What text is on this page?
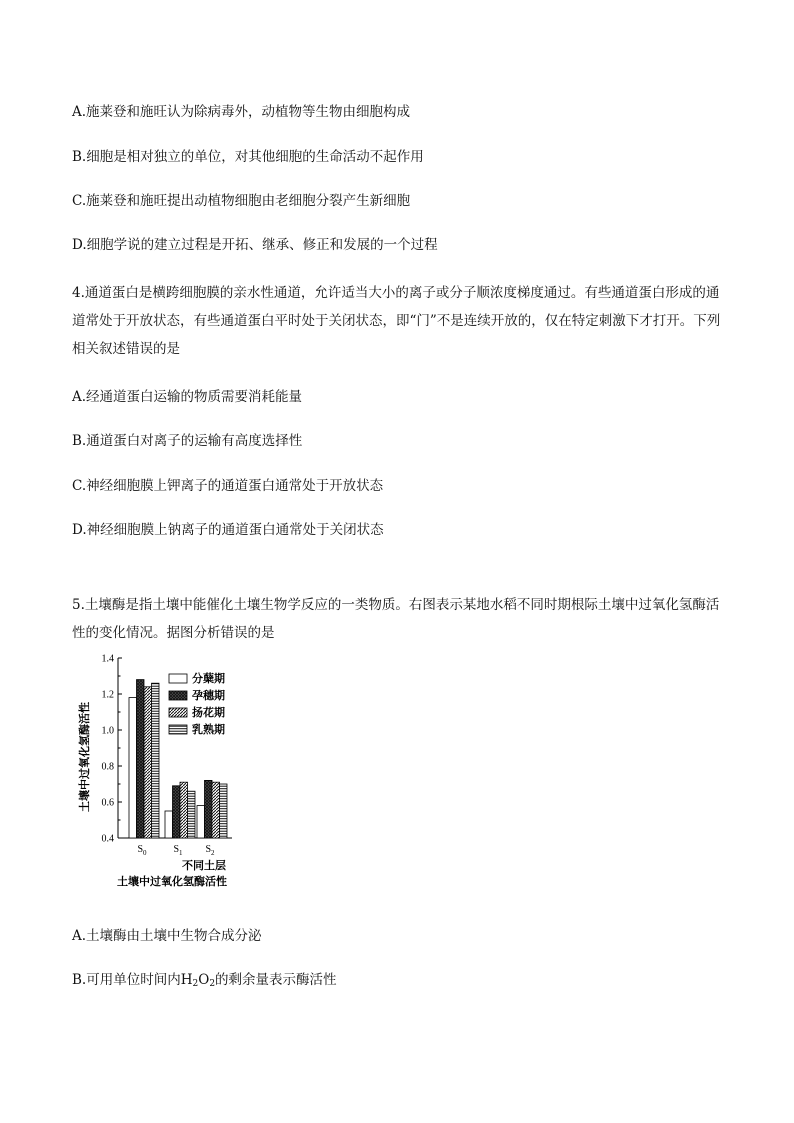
A.施莱登和施旺认为除病毒外，动植物等生物由细胞构成
B.细胞是相对独立的单位，对其他细胞的生命活动不起作用
C.施莱登和施旺提出动植物细胞由老细胞分裂产生新细胞
D.细胞学说的建立过程是开拓、继承、修正和发展的一个过程
4.通道蛋白是横跨细胞膜的亲水性通道，允许适当大小的离子或分子顺浓度梯度通过。有些通道蛋白形成的通道常处于开放状态，有些通道蛋白平时处于关闭状态，即“门”不是连续开放的，仅在特定刺激下才打开。下列相关叙述错误的是
A.经通道蛋白运输的物质需要消耗能量
B.通道蛋白对离子的运输有高度选择性
C.神经细胞膜上钾离子的通道蛋白通常处于开放状态
D.神经细胞膜上钠离子的通道蛋白通常处于关闭状态
5.土壤酶是指土壤中能催化土壤生物学反应的一类物质。右图表示某地水稻不同时期根际土壤中过氧化氢酶活性的变化情况。据图分析错误的是
0.4
0.6
0.8
1.0
1.2
1.4
$S_0$	$S_1$ $S_2$
分蘖期
孕穗期
扬花期
乳熟期
土壤中过氧化氢酶活性
不同土层
土壤中过氧化氢酶活性
A.土壤酶由土壤中生物合成分泌
B.可用单位时间内$H_2O_2$的剩余量表示酶活性
